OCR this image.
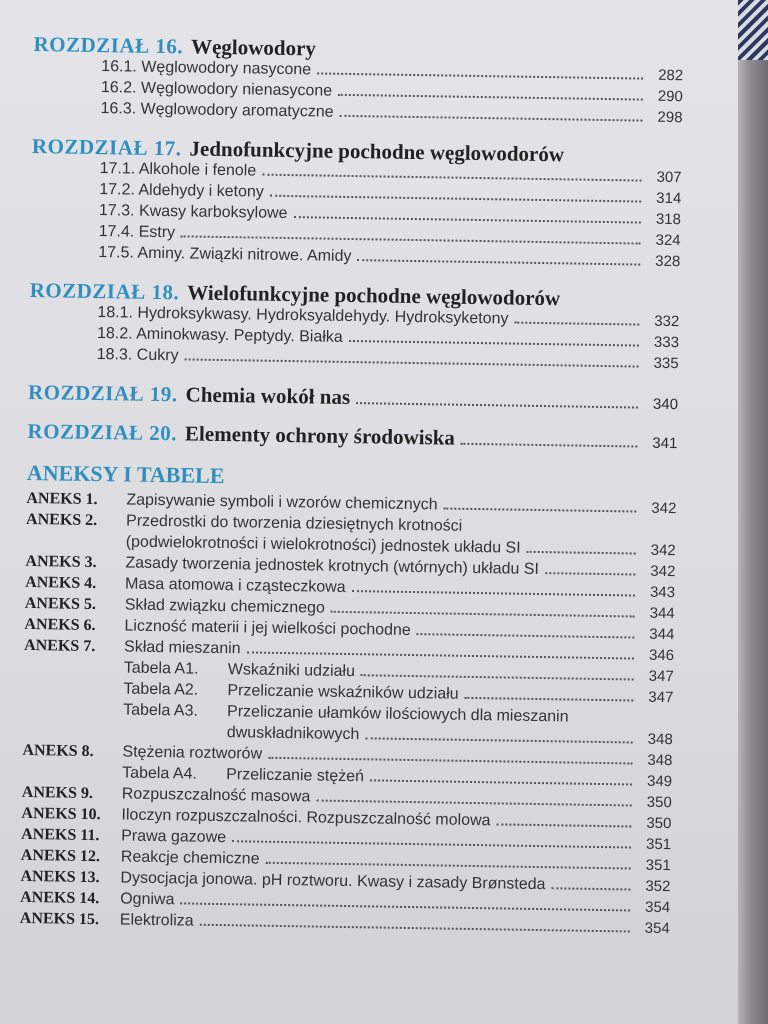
ROZDZIAŁ 16. Węglowodory
16.1. Węglowodory nasycone	282
16.2. Węglowodory nienasycone	290
16.3. Węglowodory aromatyczne	298
ROZDZIAŁ 17. Jednofunkcyjne pochodne węglowodorów
17.1. Alkohole i fenole	307
17.2. Aldehydy i ketony	314
17.3. Kwasy karboksylowe	318
17.4. Estry	324
17.5. Aminy. Związki nitrowe. Amidy	328
ROZDZIAŁ 18. Wielofunkcyjne pochodne węglowodorów
18.1. Hydroksykwasy. Hydroksyaldehydy. Hydroksyketony	332
18.2. Aminokwasy. Peptydy. Białka	333
18.3. Cukry	335
ROZDZIAŁ 19. Chemia wokół nas	340
ROZDZIAŁ 20. Elementy ochrony środowiska	341
ANEKSY I TABELE
ANEKS 1.	Zapisywanie symboli i wzorów chemicznych	342
ANEKS 2.	Przedrostki do tworzenia dziesiętnych krotności
(podwielokrotności i wielokrotności) jednostek układu SI	342
ANEKS 3.	Zasady tworzenia jednostek krotnych (wtórnych) układu SI	342
ANEKS 4.	Masa atomowa i cząsteczkowa	343
ANEKS 5.	Skład związku chemicznego	344
ANEKS 6.	Liczność materii i jej wielkości pochodne	344
ANEKS 7.	Skład mieszanin	346
Tabela A1.	Wskaźniki udziału	347
Tabela A2.	Przeliczanie wskaźników udziału	347
Tabela A3.	Przeliczanie ułamków ilościowych dla mieszanin
dwuskładnikowych	348
ANEKS 8.	Stężenia roztworów	348
Tabela A4.	Przeliczanie stężeń	349
ANEKS 9.	Rozpuszczalność masowa	350
ANEKS 10.	Iloczyn rozpuszczalności. Rozpuszczalność molowa	350
ANEKS 11.	Prawa gazowe	351
ANEKS 12.	Reakcje chemiczne	351
ANEKS 13.	Dysocjacja jonowa. pH roztworu. Kwasy i zasady Brønsteda	352
ANEKS 14.	Ogniwa	354
ANEKS 15.	Elektroliza	354
